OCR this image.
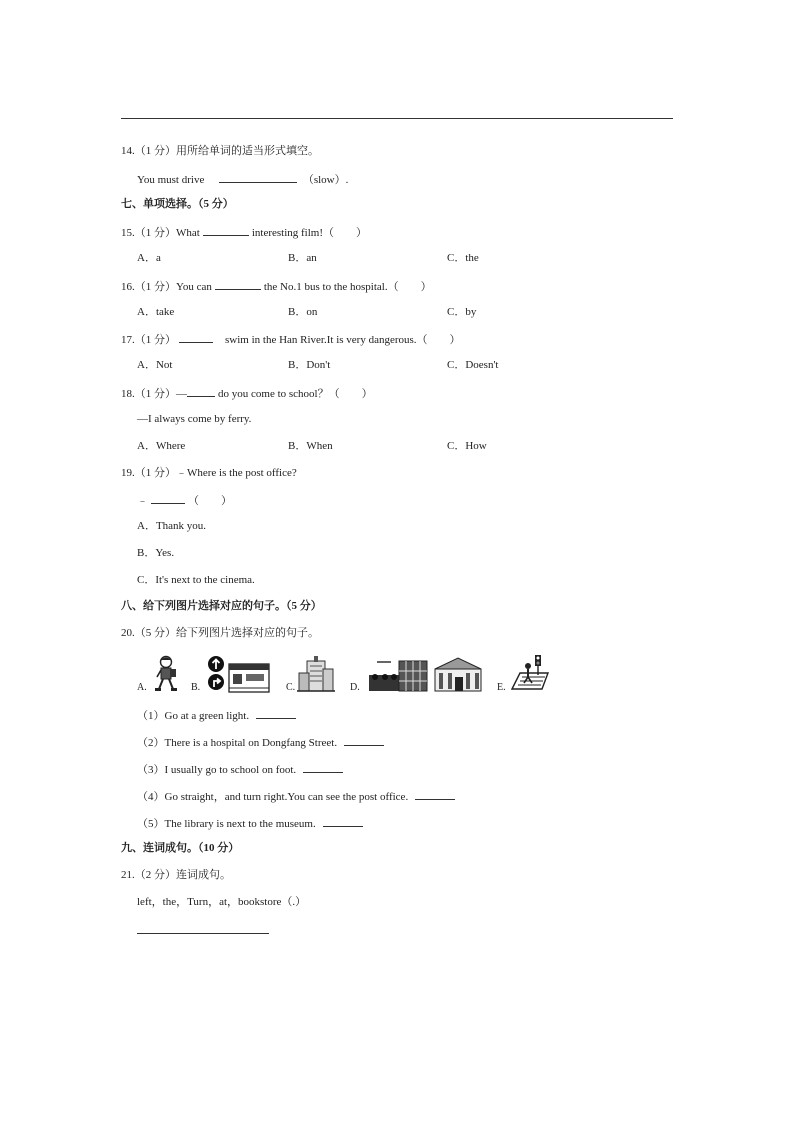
14.（1 分）用所给单词的适当形式填空。
You must drive	（slow）.
七、单项选择。（5 分）
15.（1 分）What	interesting film!（　　）
A．a	B．an	C．the
16.（1 分）You can	the No.1 bus to the hospital.（　　）
A．take	B．on	C．by
17.（1 分）	swim in the Han River.It is very dangerous.（　　）
A．Not	B．Don't	C．Doesn't
18.（1 分）—	do you come to school？（　　）
—I always come by ferry.
A．Where	B．When	C．How
19.（1 分）﹣Where is the post office?
﹣	（　　）
A．Thank you.
B．Yes.
C．It's next to the cinema.
八、给下列图片选择对应的句子。（5 分）
20.（5 分）给下列图片选择对应的句子。
A.	B.	C.	D.	E.
（1）Go at a green light.
（2）There is a hospital on Dongfang Street.
（3）I usually go to school on foot.
（4）Go straight，and turn right.You can see the post office.
（5）The library is next to the museum.
九、连词成句。（10 分）
21.（2 分）连词成句。
left，the，Turn，at，bookstore（.）
